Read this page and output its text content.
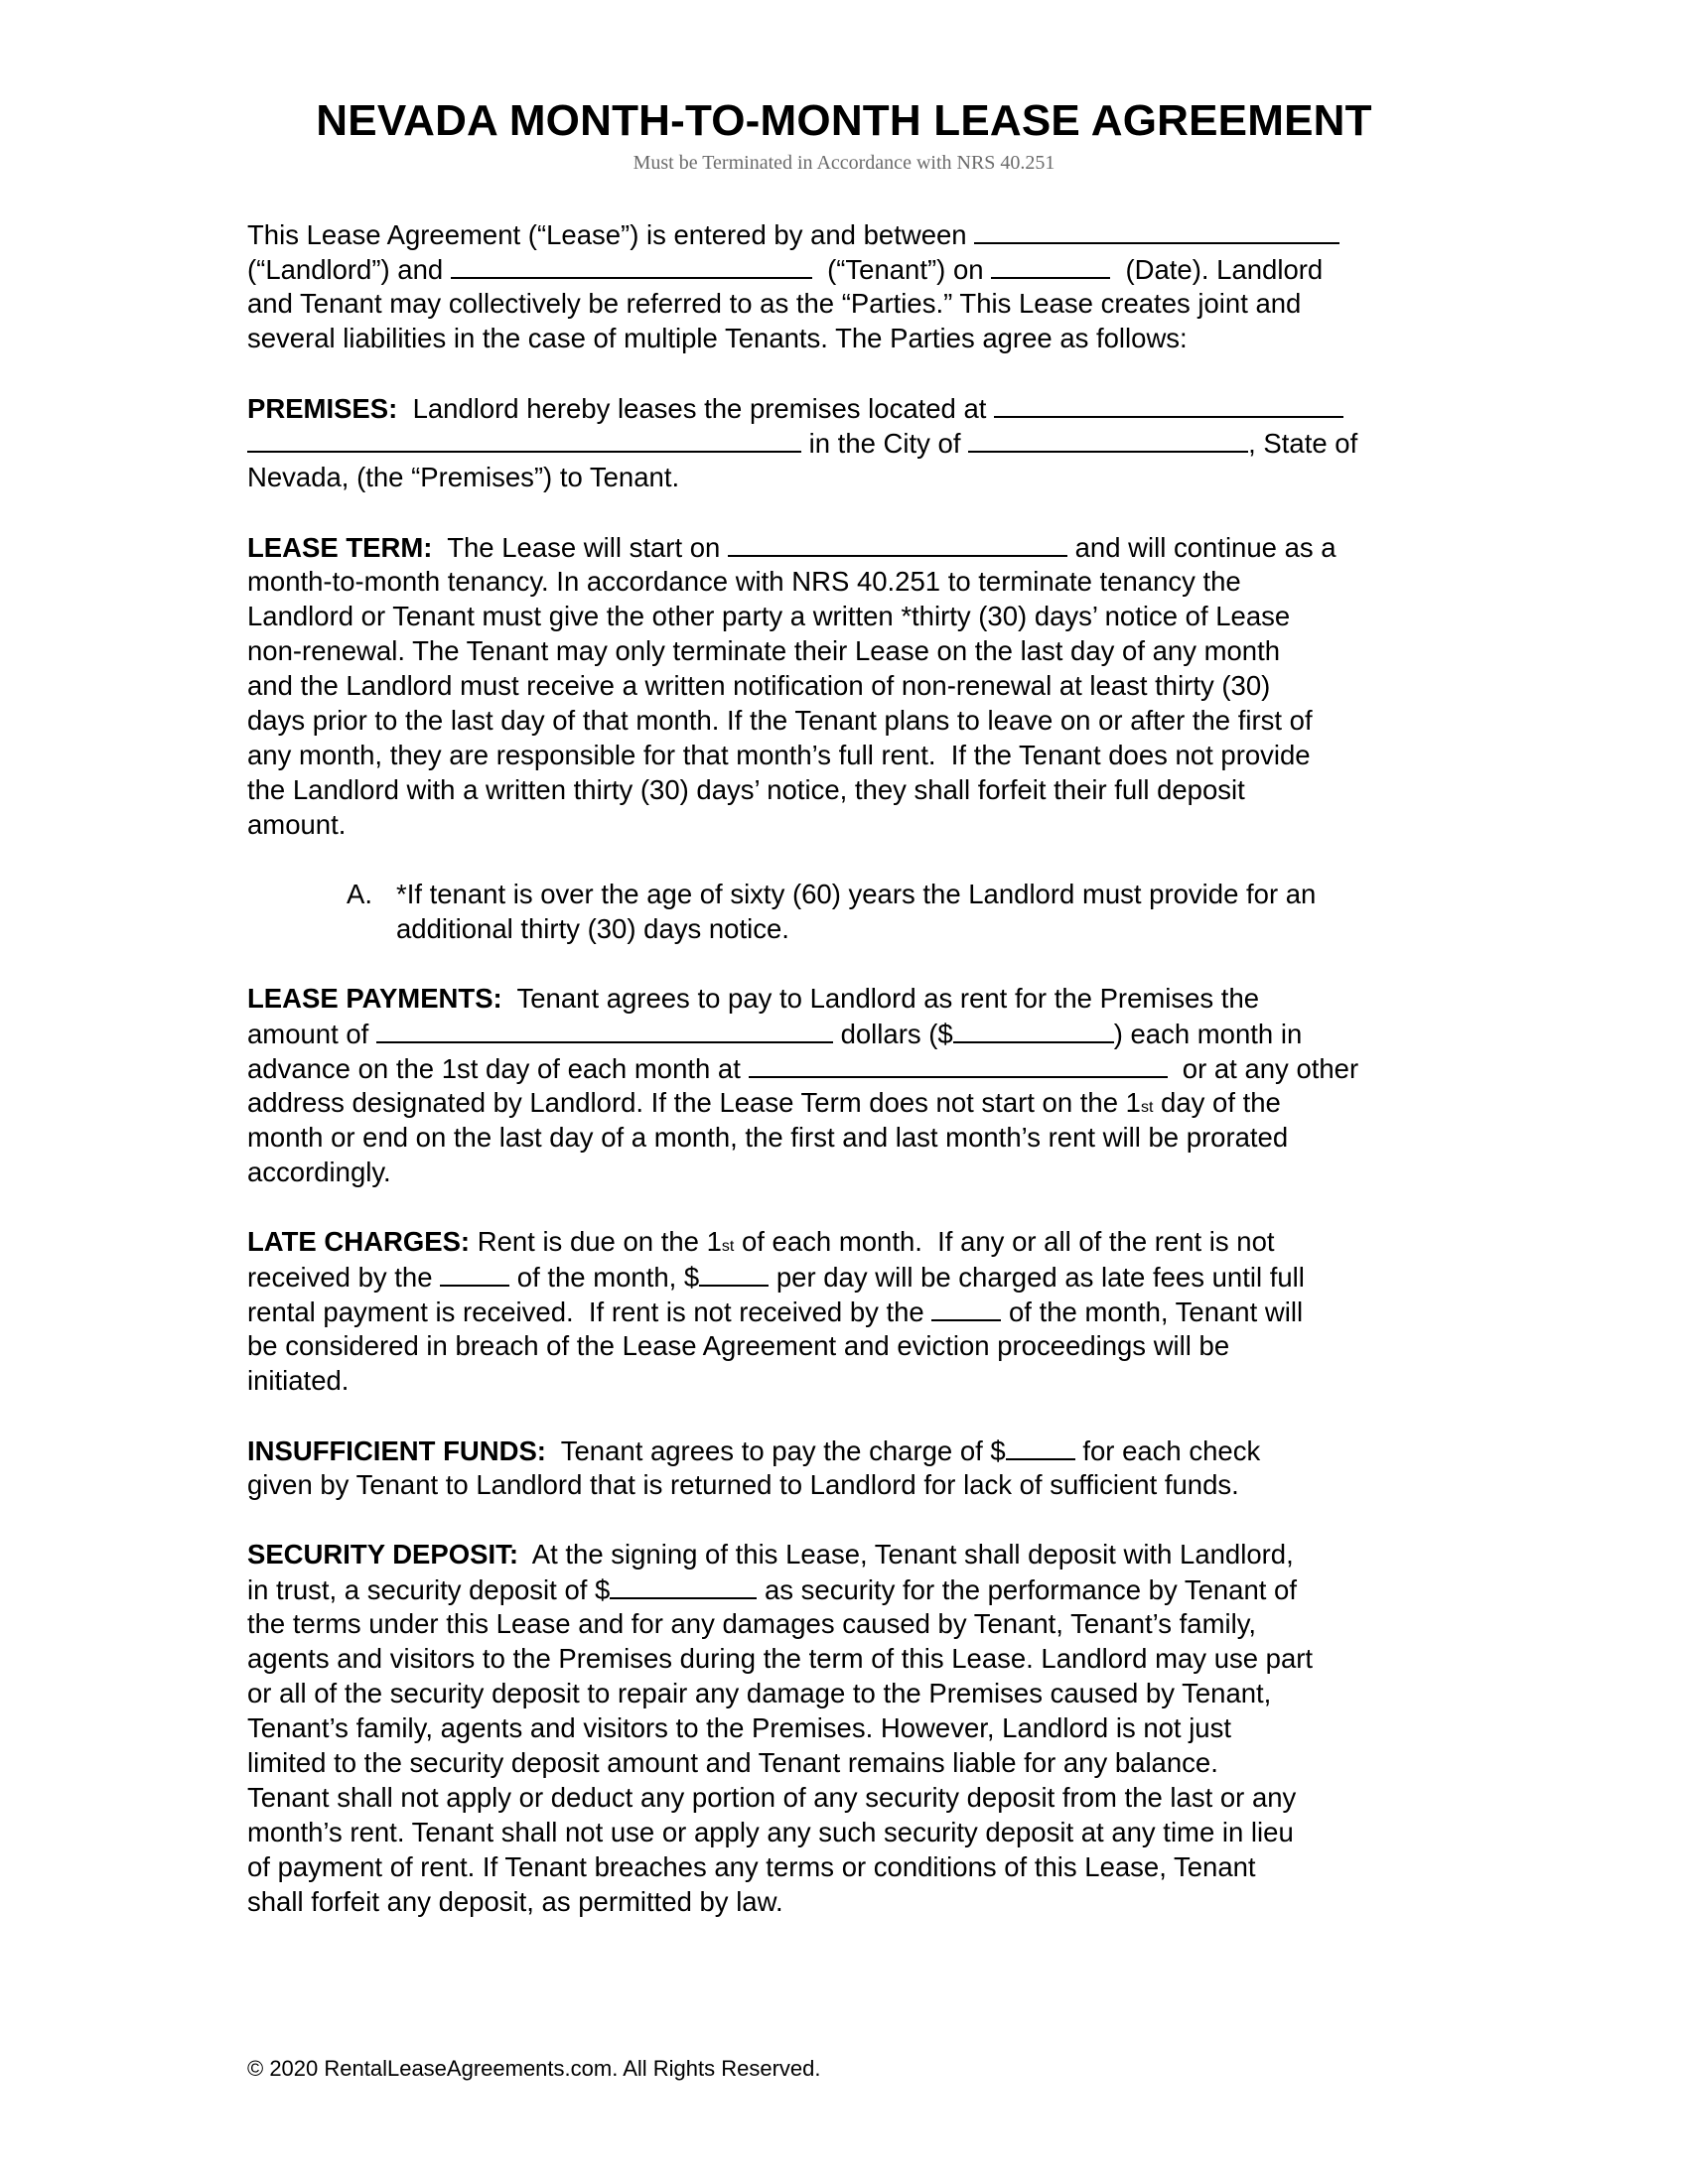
NEVADA MONTH-TO-MONTH LEASE AGREEMENT
Must be Terminated in Accordance with NRS 40.251
This Lease Agreement (“Lease”) is entered by and between
(“Landlord”) and	(“Tenant”) on	(Date). Landlord
and Tenant may collectively be referred to as the “Parties.” This Lease creates joint and
several liabilities in the case of multiple Tenants. The Parties agree as follows:
PREMISES: Landlord hereby leases the premises located at
in the City of	, State of
Nevada, (the “Premises”) to Tenant.
LEASE TERM: The Lease will start on	and will continue as a
month-to-month tenancy. In accordance with NRS 40.251 to terminate tenancy the
Landlord or Tenant must give the other party a written *thirty (30) days’ notice of Lease
non-renewal. The Tenant may only terminate their Lease on the last day of any month
and the Landlord must receive a written notification of non-renewal at least thirty (30)
days prior to the last day of that month. If the Tenant plans to leave on or after the first of
any month, they are responsible for that month’s full rent.  If the Tenant does not provide
the Landlord with a written thirty (30) days’ notice, they shall forfeit their full deposit
amount.
A. *If tenant is over the age of sixty (60) years the Landlord must provide for an
additional thirty (30) days notice.
LEASE PAYMENTS: Tenant agrees to pay to Landlord as rent for the Premises the
amount of	dollars ($	) each month in
advance on the 1st day of each month at	or at any other
address designated by Landlord. If the Lease Term does not start on the 1st day of the
month or end on the last day of a month, the first and last month’s rent will be prorated
accordingly.
LATE CHARGES: Rent is due on the 1st of each month.  If any or all of the rent is not
received by the	of the month, $	per day will be charged as late fees until full
rental payment is received.  If rent is not received by the	of the month, Tenant will
be considered in breach of the Lease Agreement and eviction proceedings will be
initiated.
INSUFFICIENT FUNDS: Tenant agrees to pay the charge of $	for each check
given by Tenant to Landlord that is returned to Landlord for lack of sufficient funds.
SECURITY DEPOSIT: At the signing of this Lease, Tenant shall deposit with Landlord,
in trust, a security deposit of $	as security for the performance by Tenant of
the terms under this Lease and for any damages caused by Tenant, Tenant’s family,
agents and visitors to the Premises during the term of this Lease. Landlord may use part
or all of the security deposit to repair any damage to the Premises caused by Tenant,
Tenant’s family, agents and visitors to the Premises. However, Landlord is not just
limited to the security deposit amount and Tenant remains liable for any balance.
Tenant shall not apply or deduct any portion of any security deposit from the last or any
month’s rent. Tenant shall not use or apply any such security deposit at any time in lieu
of payment of rent. If Tenant breaches any terms or conditions of this Lease, Tenant
shall forfeit any deposit, as permitted by law.
© 2020 RentalLeaseAgreements.com. All Rights Reserved.
